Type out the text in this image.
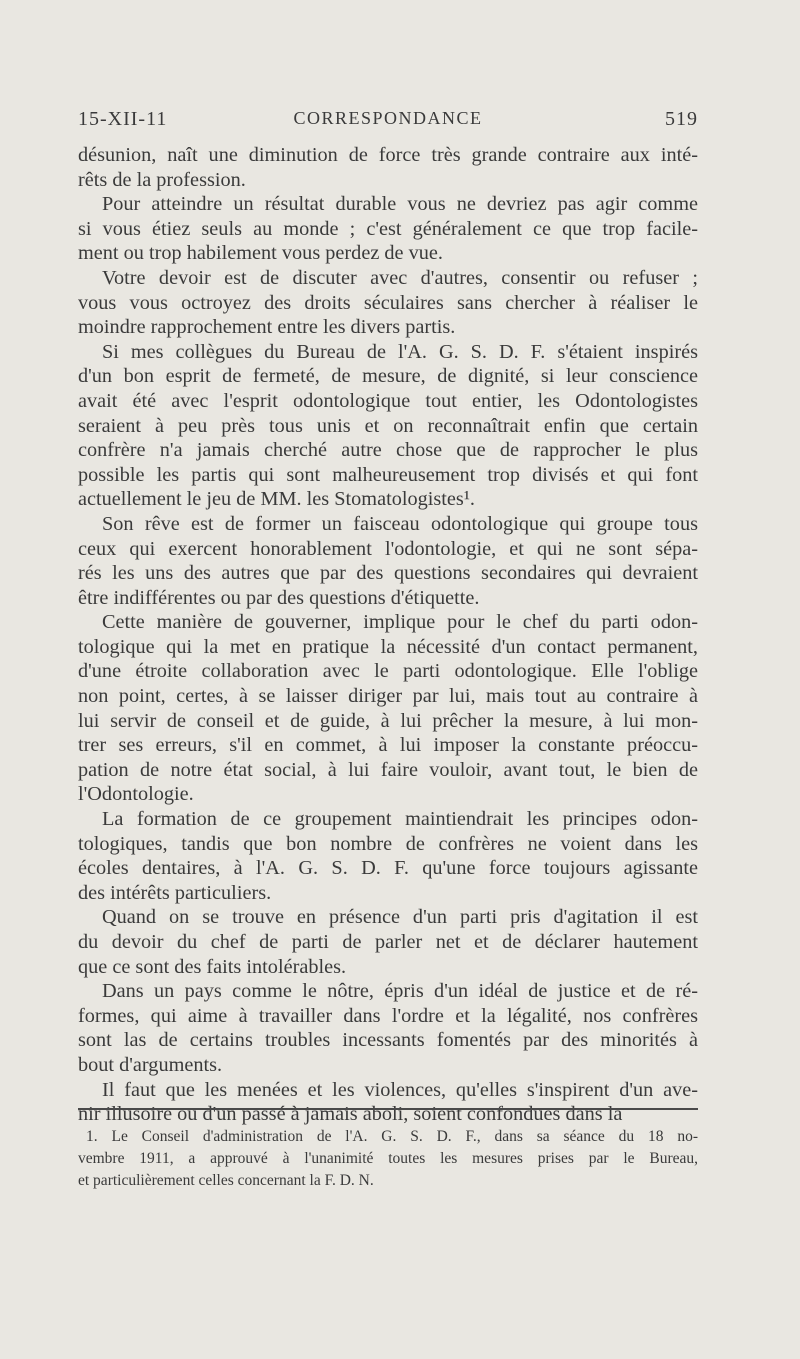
15-XII-11	CORRESPONDANCE	519

désunion, naît une diminution de force très grande contraire aux inté-
rêts de la profession.

Pour atteindre un résultat durable vous ne devriez pas agir comme
si vous étiez seuls au monde ; c'est généralement ce que trop facile-
ment ou trop habilement vous perdez de vue.

Votre devoir est de discuter avec d'autres, consentir ou refuser ;
vous vous octroyez des droits séculaires sans chercher à réaliser le
moindre rapprochement entre les divers partis.

Si mes collègues du Bureau de l'A. G. S. D. F. s'étaient inspirés
d'un bon esprit de fermeté, de mesure, de dignité, si leur conscience
avait été avec l'esprit odontologique tout entier, les Odontologistes
seraient à peu près tous unis et on reconnaîtrait enfin que certain
confrère n'a jamais cherché autre chose que de rapprocher le plus
possible les partis qui sont malheureusement trop divisés et qui font
actuellement le jeu de MM. les Stomatologistes¹.

Son rêve est de former un faisceau odontologique qui groupe tous
ceux qui exercent honorablement l'odontologie, et qui ne sont sépa-
rés les uns des autres que par des questions secondaires qui devraient
être indifférentes ou par des questions d'étiquette.

Cette manière de gouverner, implique pour le chef du parti odon-
tologique qui la met en pratique la nécessité d'un contact permanent,
d'une étroite collaboration avec le parti odontologique. Elle l'oblige
non point, certes, à se laisser diriger par lui, mais tout au contraire à
lui servir de conseil et de guide, à lui prêcher la mesure, à lui mon-
trer ses erreurs, s'il en commet, à lui imposer la constante préoccu-
pation de notre état social, à lui faire vouloir, avant tout, le bien de
l'Odontologie.

La formation de ce groupement maintiendrait les principes odon-
tologiques, tandis que bon nombre de confrères ne voient dans les
écoles dentaires, à l'A. G. S. D. F. qu'une force toujours agissante
des intérêts particuliers.

Quand on se trouve en présence d'un parti pris d'agitation il est
du devoir du chef de parti de parler net et de déclarer hautement
que ce sont des faits intolérables.

Dans un pays comme le nôtre, épris d'un idéal de justice et de ré-
formes, qui aime à travailler dans l'ordre et la légalité, nos confrères
sont las de certains troubles incessants fomentés par des minorités à
bout d'arguments.

Il faut que les menées et les violences, qu'elles s'inspirent d'un ave-
nir illusoire ou d'un passé à jamais aboli, soient confondues dans la

1. Le Conseil d'administration de l'A. G. S. D. F., dans sa séance du 18 no-
vembre 1911, a approuvé à l'unanimité toutes les mesures prises par le Bureau,
et particulièrement celles concernant la F. D. N.
